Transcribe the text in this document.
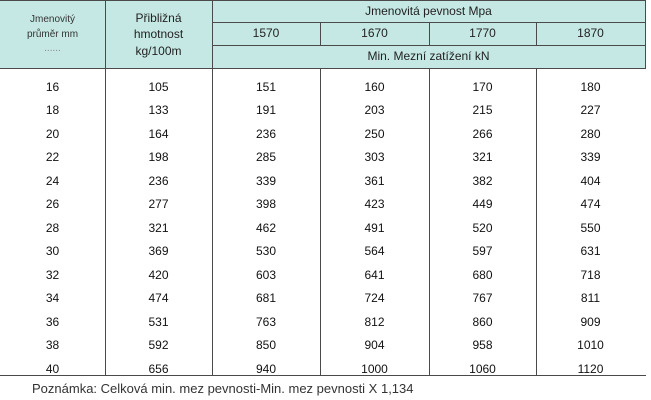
Jmenovitý
průměr mm
......
Přibližná
hmotnost
kg/100m
Jmenovitá pevnost Mpa
1570	1670	1770	1870
Min. Mezní zatížení kN
16	105	151	160	170	180
18	133	191	203	215	227
20	164	236	250	266	280
22	198	285	303	321	339
24	236	339	361	382	404
26	277	398	423	449	474
28	321	462	491	520	550
30	369	530	564	597	631
32	420	603	641	680	718
34	474	681	724	767	811
36	531	763	812	860	909
38	592	850	904	958	1010
40	656	940	1000	1060	1120
Poznámka: Celková min. mez pevnosti-Min. mez pevnosti X 1,134
